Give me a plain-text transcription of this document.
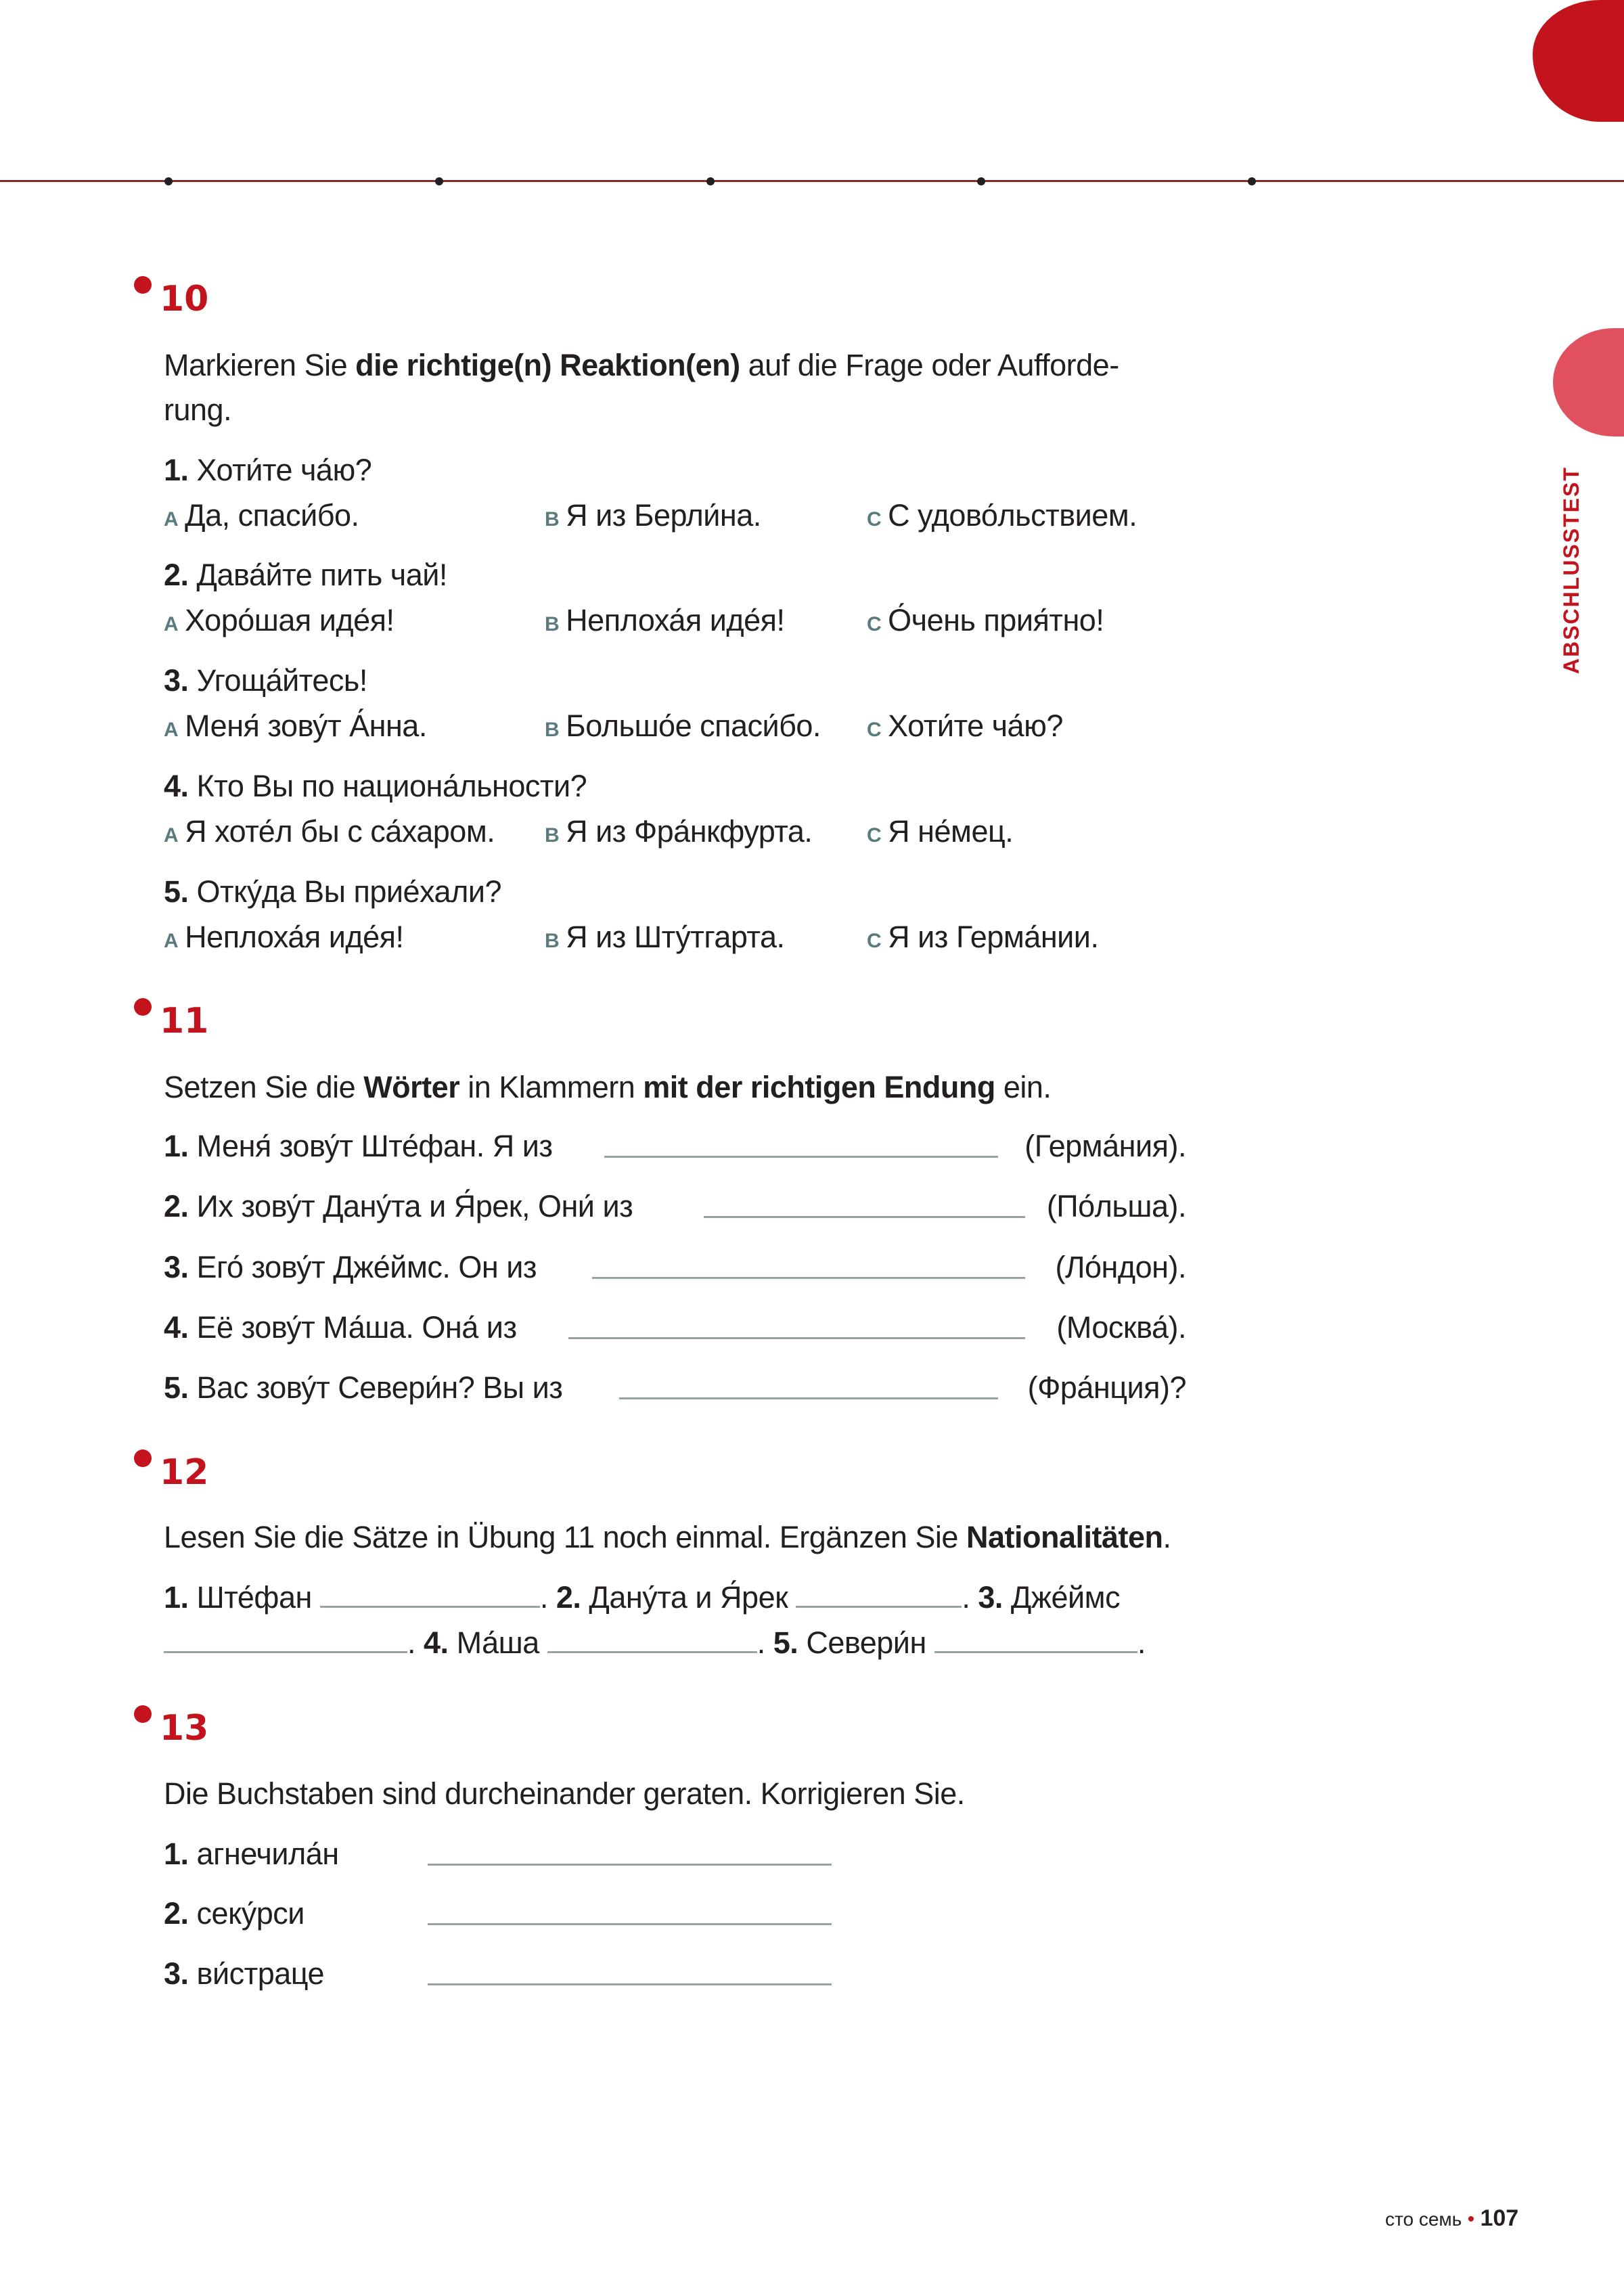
ABSCHLUSSTEST
10
Markieren Sie die richtige(n) Reaktion(en) auf die Frage oder Aufforde-
rung.
1. Хоти́те ча́ю?
A Да, спаси́бо.	B Я из Берли́на.	C С удово́льствием.
2. Дава́йте пить чай!
A Хоро́шая иде́я!	B Неплоха́я иде́я!	C О́чень прия́тно!
3. Угоща́йтесь!
A Меня́ зову́т А́нна.	B Большо́е спаси́бо. C Хоти́те ча́ю?
4. Кто Вы по национа́льности?
A Я хоте́л бы с са́харом. B Я из Фра́нкфурта.	C Я не́мец.
5. Отку́да Вы прие́хали?
A Неплоха́я иде́я!	B Я из Шту́тгарта.	C Я из Герма́нии.
11
Setzen Sie die Wörter in Klammern mit der richtigen Endung ein.
1. Меня́ зову́т Ште́фан. Я из	(Герма́ния).
2. Их зову́т Дану́та и Я́рек, Они́ из	(По́льша).
3. Его́ зову́т Дже́ймс. Он из	(Ло́ндон).
4. Её зову́т Ма́ша. Она́ из	(Москва́).
5. Вас зову́т Севери́н? Вы из	(Фра́нция)?
12
Lesen Sie die Sätze in Übung 11 noch einmal. Ergänzen Sie Nationalitäten.
1. Ште́фан	. 2. Дану́та и Я́рек	. 3. Дже́ймс
. 4. Ма́ша	. 5. Севери́н	.
13
Die Buchstaben sind durcheinander geraten. Korrigieren Sie.
1. агнечила́н
2. секу́рси
3. ви́страце
сто семь • 107
